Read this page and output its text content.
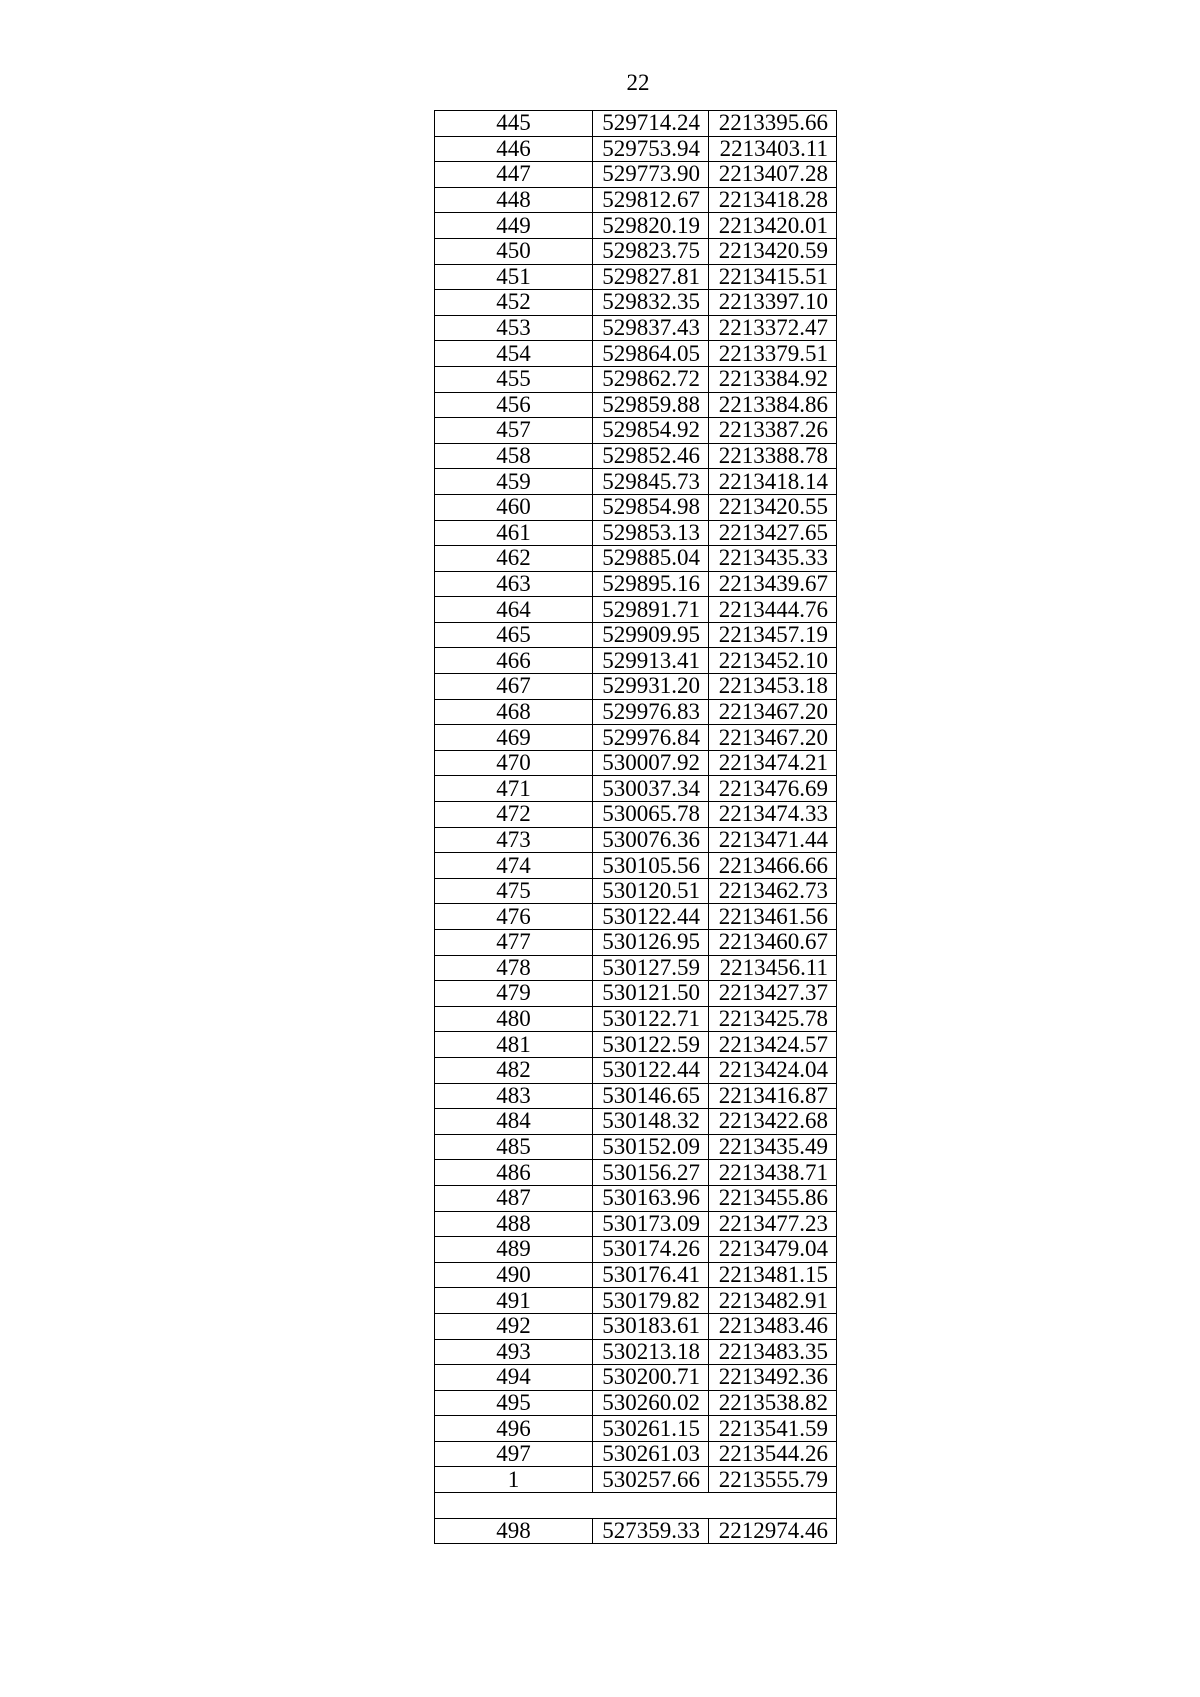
22
445	529714.24	2213395.66
446	529753.94	2213403.11
447	529773.90	2213407.28
448	529812.67	2213418.28
449	529820.19	2213420.01
450	529823.75	2213420.59
451	529827.81	2213415.51
452	529832.35	2213397.10
453	529837.43	2213372.47
454	529864.05	2213379.51
455	529862.72	2213384.92
456	529859.88	2213384.86
457	529854.92	2213387.26
458	529852.46	2213388.78
459	529845.73	2213418.14
460	529854.98	2213420.55
461	529853.13	2213427.65
462	529885.04	2213435.33
463	529895.16	2213439.67
464	529891.71	2213444.76
465	529909.95	2213457.19
466	529913.41	2213452.10
467	529931.20	2213453.18
468	529976.83	2213467.20
469	529976.84	2213467.20
470	530007.92	2213474.21
471	530037.34	2213476.69
472	530065.78	2213474.33
473	530076.36	2213471.44
474	530105.56	2213466.66
475	530120.51	2213462.73
476	530122.44	2213461.56
477	530126.95	2213460.67
478	530127.59	2213456.11
479	530121.50	2213427.37
480	530122.71	2213425.78
481	530122.59	2213424.57
482	530122.44	2213424.04
483	530146.65	2213416.87
484	530148.32	2213422.68
485	530152.09	2213435.49
486	530156.27	2213438.71
487	530163.96	2213455.86
488	530173.09	2213477.23
489	530174.26	2213479.04
490	530176.41	2213481.15
491	530179.82	2213482.91
492	530183.61	2213483.46
493	530213.18	2213483.35
494	530200.71	2213492.36
495	530260.02	2213538.82
496	530261.15	2213541.59
497	530261.03	2213544.26
1	530257.66	2213555.79

498	527359.33	2212974.46
